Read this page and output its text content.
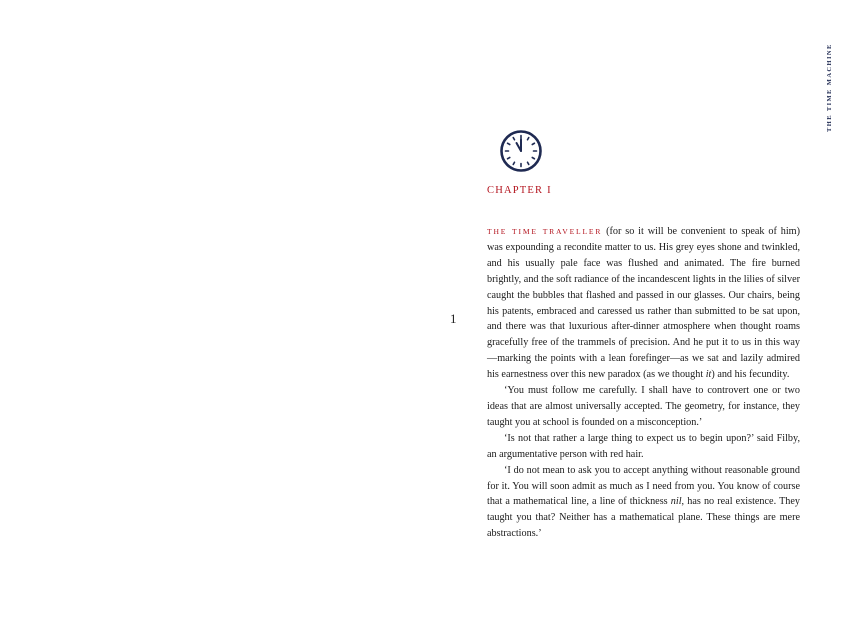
THE TIME MACHINE
1
CHAPTER I

THE TIME TRAVELLER (for so it will be convenient to speak of him) was expounding a recondite matter to us. His grey eyes shone and twinkled, and his usually pale face was flushed and animated. The fire burned brightly, and the soft radiance of the incandescent lights in the lilies of silver caught the bubbles that flashed and passed in our glasses. Our chairs, being his patents, embraced and caressed us rather than submitted to be sat upon, and there was that luxurious after-dinner atmosphere when thought roams gracefully free of the trammels of precision. And he put it to us in this way—marking the points with a lean forefinger—as we sat and lazily admired his earnestness over this new paradox (as we thought it) and his fecundity.

‘You must follow me carefully. I shall have to controvert one or two ideas that are almost universally accepted. The geometry, for instance, they taught you at school is founded on a misconception.’

‘Is not that rather a large thing to expect us to begin upon?’ said Filby, an argumentative person with red hair.

‘I do not mean to ask you to accept anything without reasonable ground for it. You will soon admit as much as I need from you. You know of course that a mathematical line, a line of thickness nil, has no real existence. They taught you that? Neither has a mathematical plane. These things are mere abstractions.’
